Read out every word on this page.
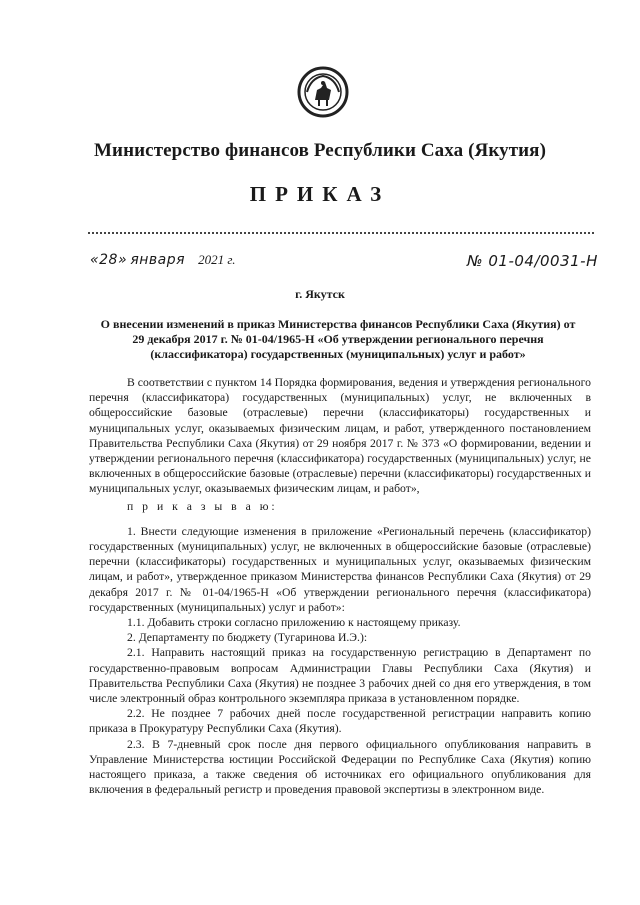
Министерство финансов Республики Саха (Якутия)
ПРИКАЗ
«28» января 2021 г.	№ 01-04/0031-Н
г. Якутск
О внесении изменений в приказ Министерства финансов Республики Саха (Якутия) от 29 декабря 2017 г. № 01-04/1965-Н «Об утверждении регионального перечня (классификатора) государственных (муниципальных) услуг и работ»

В соответствии с пунктом 14 Порядка формирования, ведения и утверждения регионального перечня (классификатора) государственных (муниципальных) услуг, не включенных в общероссийские базовые (отраслевые) перечни (классификаторы) государственных и муниципальных услуг, оказываемых физическим лицам, и работ, утвержденного постановлением Правительства Республики Саха (Якутия) от 29 ноября 2017 г. № 373 «О формировании, ведении и утверждении регионального перечня (классификатора) государственных (муниципальных) услуг, не включенных в общероссийские базовые (отраслевые) перечни (классификаторы) государственных и муниципальных услуг, оказываемых физическим лицам, и работ»,

п р и к а з ы в а ю:

1. Внести следующие изменения в приложение «Региональный перечень (классификатор) государственных (муниципальных) услуг, не включенных в общероссийские базовые (отраслевые) перечни (классификаторы) государственных и муниципальных услуг, оказываемых физическим лицам, и работ», утвержденное приказом Министерства финансов Республики Саха (Якутия) от 29 декабря 2017 г. № 01-04/1965-Н «Об утверждении регионального перечня (классификатора) государственных (муниципальных) услуг и работ»:

1.1. Добавить строки согласно приложению к настоящему приказу.

2. Департаменту по бюджету (Тугаринова И.Э.):

2.1. Направить настоящий приказ на государственную регистрацию в Департамент по государственно-правовым вопросам Администрации Главы Республики Саха (Якутия) и Правительства Республики Саха (Якутия) не позднее 3 рабочих дней со дня его утверждения, в том числе электронный образ контрольного экземпляра приказа в установленном порядке.

2.2. Не позднее 7 рабочих дней после государственной регистрации направить копию приказа в Прокуратуру Республики Саха (Якутия).

2.3. В 7-дневный срок после дня первого официального опубликования направить в Управление Министерства юстиции Российской Федерации по Республике Саха (Якутия) копию настоящего приказа, а также сведения об источниках его официального опубликования для включения в федеральный регистр и проведения правовой экспертизы в электронном виде.
